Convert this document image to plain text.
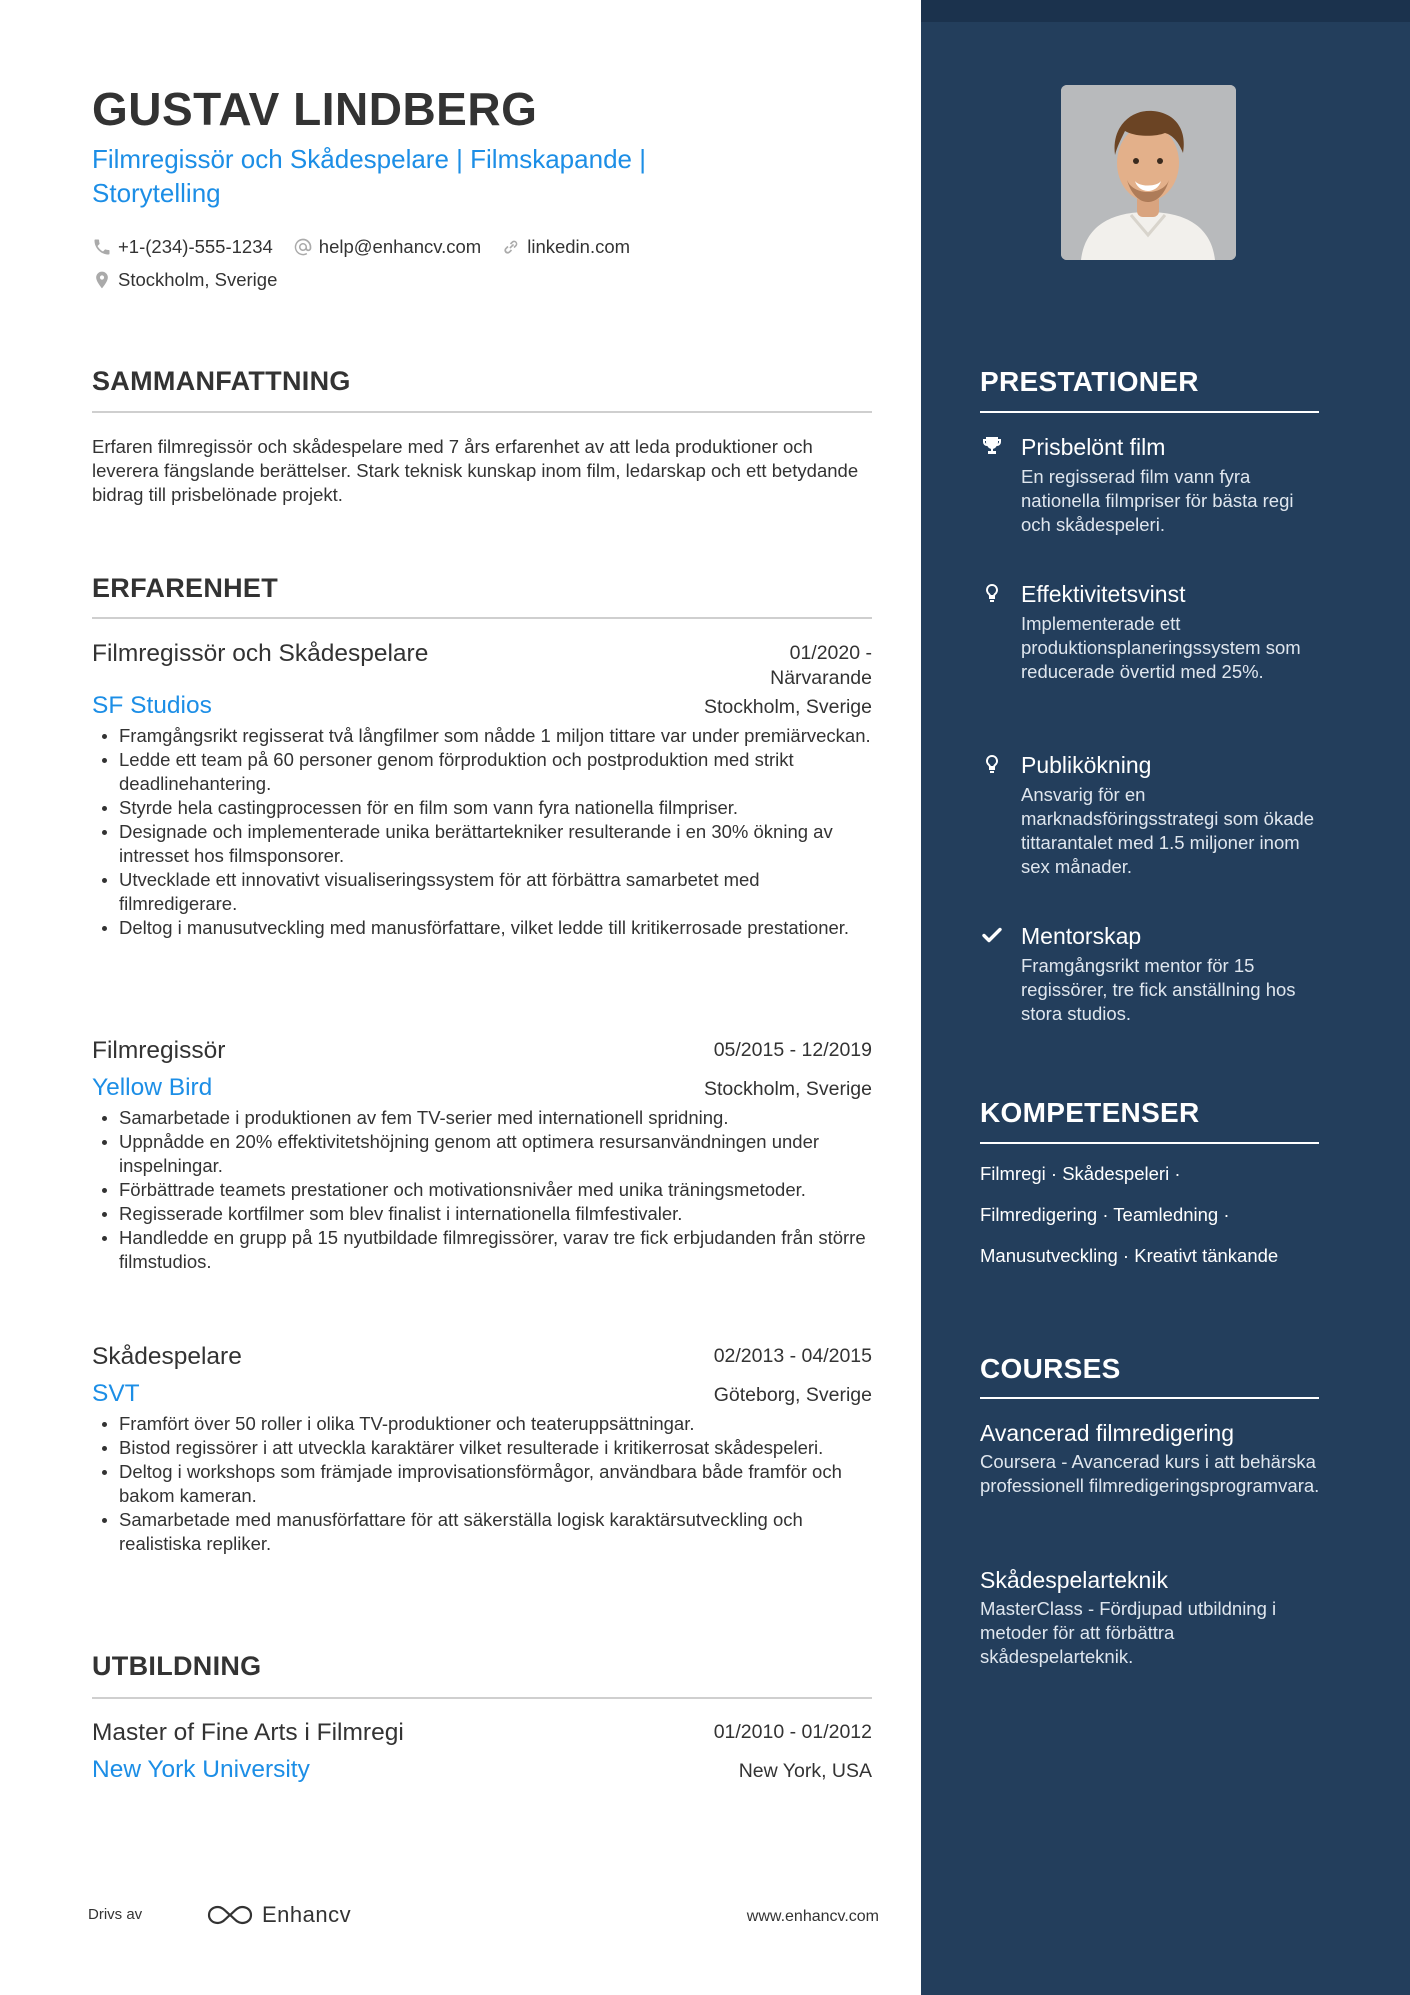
GUSTAV LINDBERG
Filmregissör och Skådespelare | Filmskapande | Storytelling
+1-(234)-555-1234 help@enhancv.com linkedin.com
Stockholm, Sverige
SAMMANFATTNING

Erfaren filmregissör och skådespelare med 7 års erfarenhet av att leda produktioner och leverera fängslande berättelser. Stark teknisk kunskap inom film, ledarskap och ett betydande bidrag till prisbelönade projekt.

ERFARENHET
Filmregissör och Skådespelare	01/2020 - Närvarande
SF Studios	Stockholm, Sverige
Framgångsrikt regisserat två långfilmer som nådde 1 miljon tittare var under premiärveckan.
Ledde ett team på 60 personer genom förproduktion och postproduktion med strikt deadlinehantering.
Styrde hela castingprocessen för en film som vann fyra nationella filmpriser.
Designade och implementerade unika berättartekniker resulterande i en 30% ökning av intresset hos filmsponsorer.
Utvecklade ett innovativt visualiseringssystem för att förbättra samarbetet med filmredigerare.
Deltog i manusutveckling med manusförfattare, vilket ledde till kritikerrosade prestationer.
Filmregissör	05/2015 - 12/2019
Yellow Bird	Stockholm, Sverige
Samarbetade i produktionen av fem TV-serier med internationell spridning.
Uppnådde en 20% effektivitetshöjning genom att optimera resursanvändningen under inspelningar.
Förbättrade teamets prestationer och motivationsnivåer med unika träningsmetoder.
Regisserade kortfilmer som blev finalist i internationella filmfestivaler.
Handledde en grupp på 15 nyutbildade filmregissörer, varav tre fick erbjudanden från större filmstudios.
Skådespelare	02/2013 - 04/2015
SVT	Göteborg, Sverige
Framfört över 50 roller i olika TV-produktioner och teateruppsättningar.
Bistod regissörer i att utveckla karaktärer vilket resulterade i kritikerrosat skådespeleri.
Deltog i workshops som främjade improvisationsförmågor, användbara både framför och bakom kameran.
Samarbetade med manusförfattare för att säkerställa logisk karaktärsutveckling och realistiska repliker.
UTBILDNING
Master of Fine Arts i Filmregi	01/2010 - 01/2012
New York University	New York, USA
Drivs av	Enhancv	www.enhancv.com
PRESTATIONER
Prisbelönt film
En regisserad film vann fyra nationella filmpriser för bästa regi och skådespeleri.
Effektivitetsvinst
Implementerade ett produktionsplaneringssystem som reducerade övertid med 25%.
Publikökning
Ansvarig för en marknadsföringsstrategi som ökade tittarantalet med 1.5 miljoner inom sex månader.
Mentorskap
Framgångsrikt mentor för 15 regissörer, tre fick anställning hos stora studios.
KOMPETENSER
Filmregi · Skådespeleri ·
Filmredigering · Teamledning ·
Manusutveckling · Kreativt tänkande
COURSES
Avancerad filmredigering
Coursera - Avancerad kurs i att behärska professionell filmredigeringsprogramvara.
Skådespelarteknik
MasterClass - Fördjupad utbildning i metoder för att förbättra skådespelarteknik.
